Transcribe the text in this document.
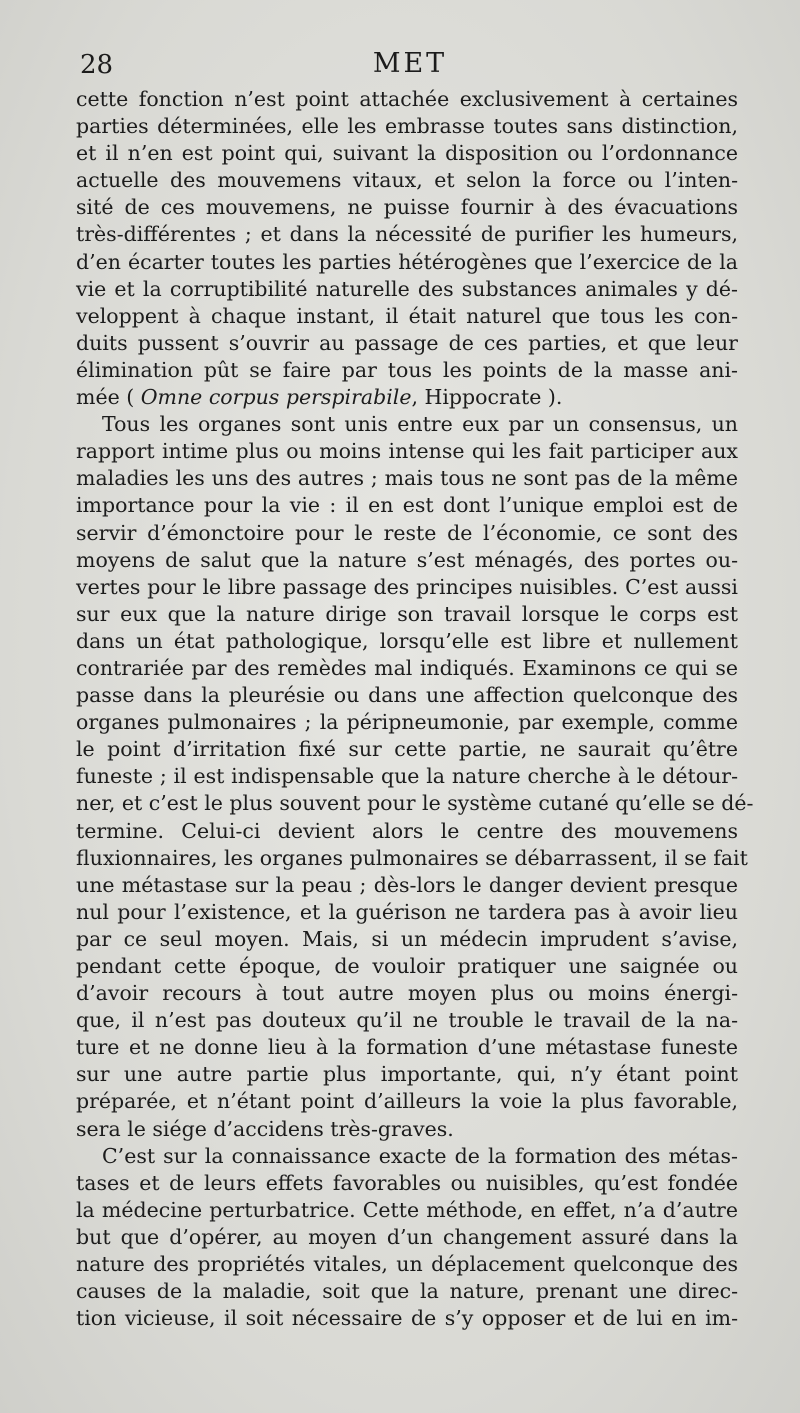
28	MET
cette fonction n’est point attachée exclusivement à certaines
parties déterminées, elle les embrasse toutes sans distinction,
et il n’en est point qui, suivant la disposition ou l’ordonnance
actuelle des mouvemens vitaux, et selon la force ou l’inten-
sité de ces mouvemens, ne puisse fournir à des évacuations
très-différentes ; et dans la nécessité de purifier les humeurs,
d’en écarter toutes les parties hétérogènes que l’exercice de la
vie et la corruptibilité naturelle des substances animales y dé-
veloppent à chaque instant, il était naturel que tous les con-
duits pussent s’ouvrir au passage de ces parties, et que leur
élimination pût se faire par tous les points de la masse ani-
mée ( Omne corpus perspirabile, Hippocrate ).
Tous les organes sont unis entre eux par un consensus, un
rapport intime plus ou moins intense qui les fait participer aux
maladies les uns des autres ; mais tous ne sont pas de la même
importance pour la vie : il en est dont l’unique emploi est de
servir d’émonctoire pour le reste de l’économie, ce sont des
moyens de salut que la nature s’est ménagés, des portes ou-
vertes pour le libre passage des principes nuisibles. C’est aussi
sur eux que la nature dirige son travail lorsque le corps est
dans un état pathologique, lorsqu’elle est libre et nullement
contrariée par des remèdes mal indiqués. Examinons ce qui se
passe dans la pleurésie ou dans une affection quelconque des
organes pulmonaires ; la péripneumonie, par exemple, comme
le point d’irritation fixé sur cette partie, ne saurait qu’être
funeste ; il est indispensable que la nature cherche à le détour-
ner, et c’est le plus souvent pour le système cutané qu’elle se dé-
termine. Celui-ci devient alors le centre des mouvemens
fluxionnaires, les organes pulmonaires se débarrassent, il se fait
une métastase sur la peau ; dès-lors le danger devient presque
nul pour l’existence, et la guérison ne tardera pas à avoir lieu
par ce seul moyen. Mais, si un médecin imprudent s’avise,
pendant cette époque, de vouloir pratiquer une saignée ou
d’avoir recours à tout autre moyen plus ou moins énergi-
que, il n’est pas douteux qu’il ne trouble le travail de la na-
ture et ne donne lieu à la formation d’une métastase funeste
sur une autre partie plus importante, qui, n’y étant point
préparée, et n’étant point d’ailleurs la voie la plus favorable,
sera le siége d’accidens très-graves.
C’est sur la connaissance exacte de la formation des métas-
tases et de leurs effets favorables ou nuisibles, qu’est fondée
la médecine perturbatrice. Cette méthode, en effet, n’a d’autre
but que d’opérer, au moyen d’un changement assuré dans la
nature des propriétés vitales, un déplacement quelconque des
causes de la maladie, soit que la nature, prenant une direc-
tion vicieuse, il soit nécessaire de s’y opposer et de lui en im-
